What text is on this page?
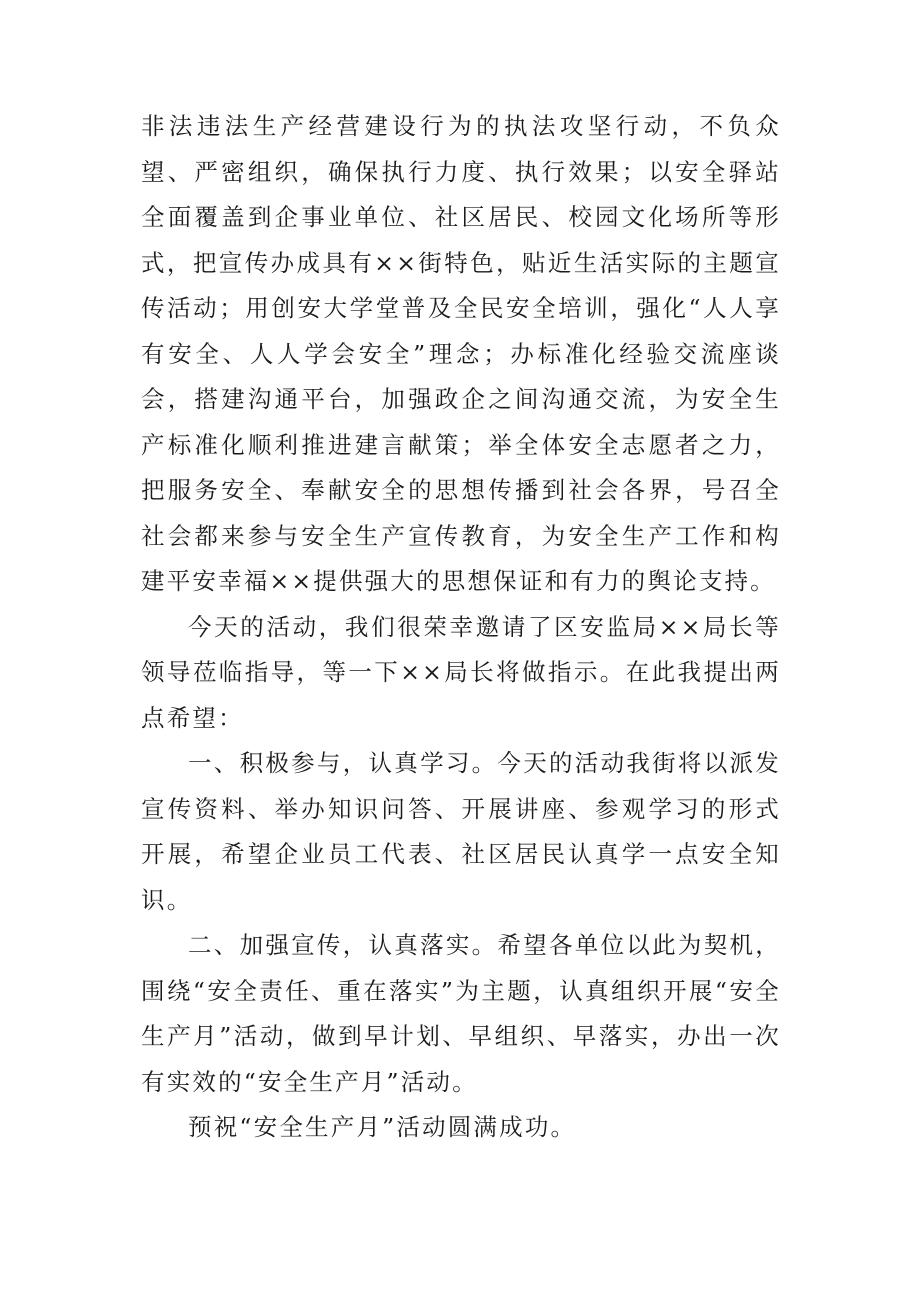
非法违法生产经营建设行为的执法攻坚行动，不负众望、严密组织，确保执行力度、执行效果；以安全驿站全面覆盖到企事业单位、社区居民、校园文化场所等形式，把宣传办成具有××街特色，贴近生活实际的主题宣传活动；用创安大学堂普及全民安全培训，强化“人人享有安全、人人学会安全”理念；办标准化经验交流座谈会，搭建沟通平台，加强政企之间沟通交流，为安全生产标准化顺利推进建言献策；举全体安全志愿者之力，把服务安全、奉献安全的思想传播到社会各界，号召全社会都来参与安全生产宣传教育，为安全生产工作和构建平安幸福××提供强大的思想保证和有力的舆论支持。

今天的活动，我们很荣幸邀请了区安监局××局长等领导莅临指导，等一下××局长将做指示。在此我提出两点希望：

一、积极参与，认真学习。今天的活动我街将以派发宣传资料、举办知识问答、开展讲座、参观学习的形式开展，希望企业员工代表、社区居民认真学一点安全知识。

二、加强宣传，认真落实。希望各单位以此为契机，围绕“安全责任、重在落实”为主题，认真组织开展“安全生产月”活动，做到早计划、早组织、早落实，办出一次有实效的“安全生产月”活动。

预祝“安全生产月”活动圆满成功。
